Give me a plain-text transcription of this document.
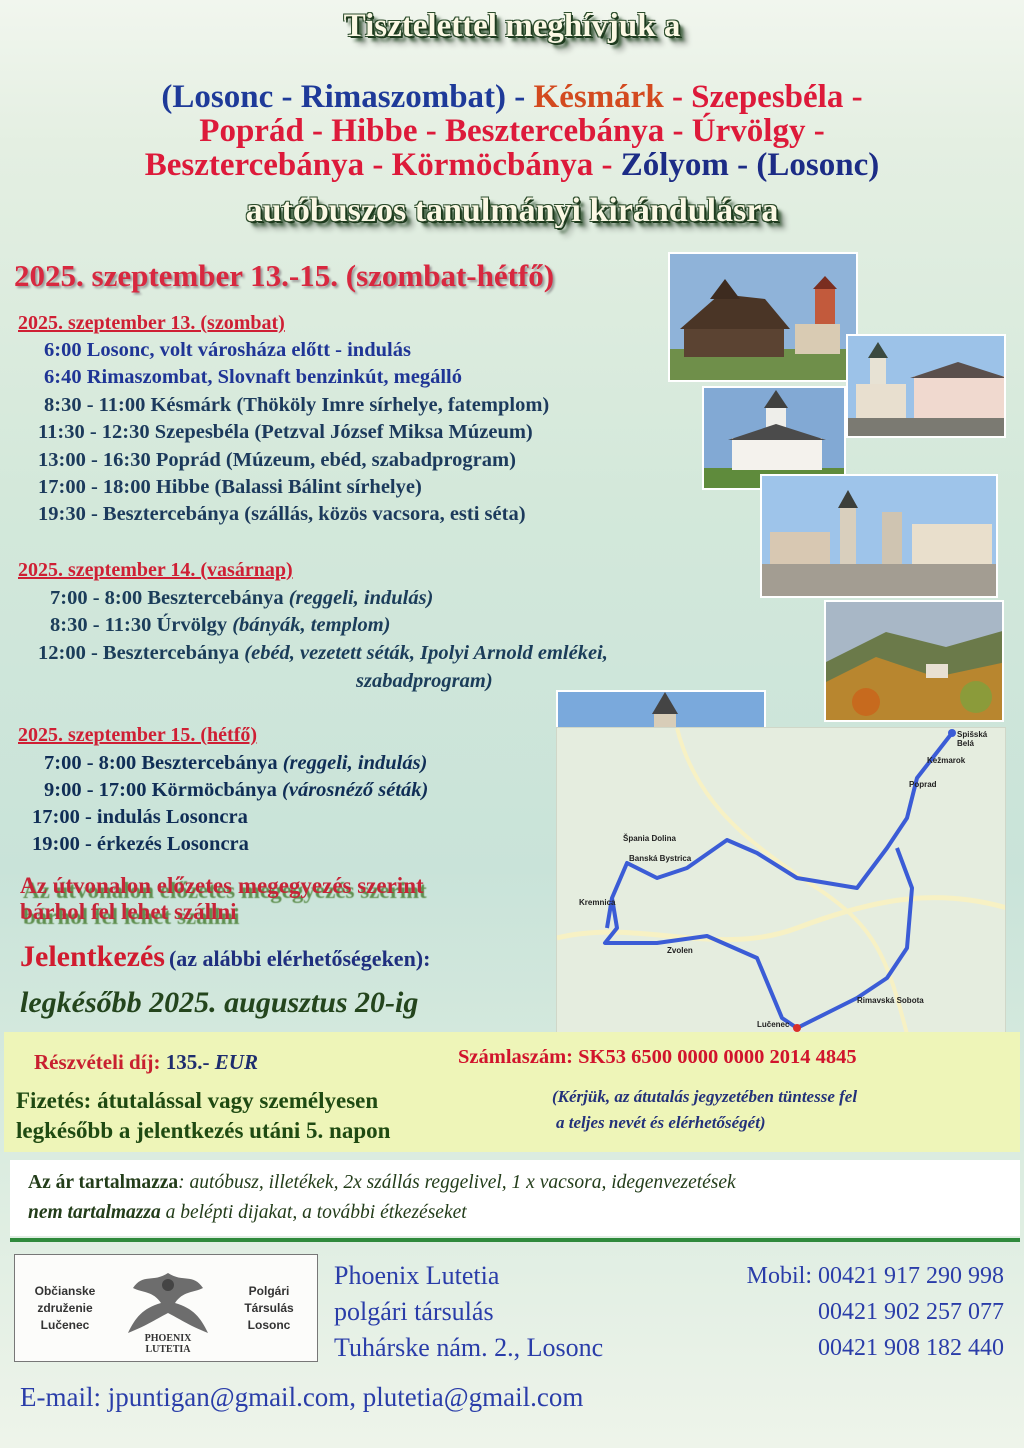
Tisztelettel meghívjuk a
(Losonc - Rimaszombat) - Késmárk - Szepesbéla -
Poprád - Hibbe - Besztercebánya - Úrvölgy -
Besztercebánya - Körmöcbánya - Zólyom - (Losonc)
autóbuszos tanulmányi kirándulásra
2025. szeptember 13.-15. (szombat-hétfő)
Spišská Belá
Kežmarok
Poprad
Banská Bystrica
Špania Dolina
Kremnica
Zvolen
Rimavská Sobota
Lučenec
2025. szeptember 13. (szombat)
6:00 Losonc, volt városháza előtt - indulás
6:40 Rimaszombat, Slovnaft benzinkút, megálló
8:30 - 11:00 Késmárk (Thököly Imre sírhelye, fatemplom)
11:30 - 12:30 Szepesbéla (Petzval József Miksa Múzeum)
13:00 - 16:30 Poprád (Múzeum, ebéd, szabadprogram)
17:00 - 18:00 Hibbe (Balassi Bálint sírhelye)
19:30 - Besztercebánya (szállás, közös vacsora, esti séta)
2025. szeptember 14. (vasárnap)
7:00 - 8:00 Besztercebánya (reggeli, indulás)
8:30 - 11:30 Úrvölgy (bányák, templom)
12:00 - Besztercebánya (ebéd, vezetett séták, Ipolyi Arnold emlékei,
szabadprogram)
2025. szeptember 15. (hétfő)
7:00 - 8:00 Besztercebánya (reggeli, indulás)
9:00 - 17:00 Körmöcbánya (városnéző séták)
17:00 - indulás Losoncra
19:00 - érkezés Losoncra
Az útvonalon előzetes megegyezés szerint
bárhol fel lehet szállni
Jelentkezés (az alábbi elérhetőségeken):
legkésőbb 2025. augusztus 20-ig
Részvételi díj: 135.- EUR	Számlaszám: SK53 6500 0000 0000 2014 4845
Fizetés: átutalással vagy személyesen
legkésőbb a jelentkezés utáni 5. napon
(Kérjük, az átutalás jegyzetében tüntesse fel
a teljes nevét és elérhetőségét)
Az ár tartalmazza: autóbusz, illetékek, 2x szállás reggelivel, 1 x vacsora, idegenvezetések
nem tartalmazza a belépti dijakat, a további étkezéseket
Občianske
združenie
Lučenec
PHOENIX
LUTETIA
Polgári
Társulás
Losonc
Phoenix Lutetia
polgári társulás
Tuhárske nám. 2., Losonc
Mobil: 00421 917 290 998
00421 902 257 077
00421 908 182 440
E-mail: jpuntigan@gmail.com, plutetia@gmail.com
